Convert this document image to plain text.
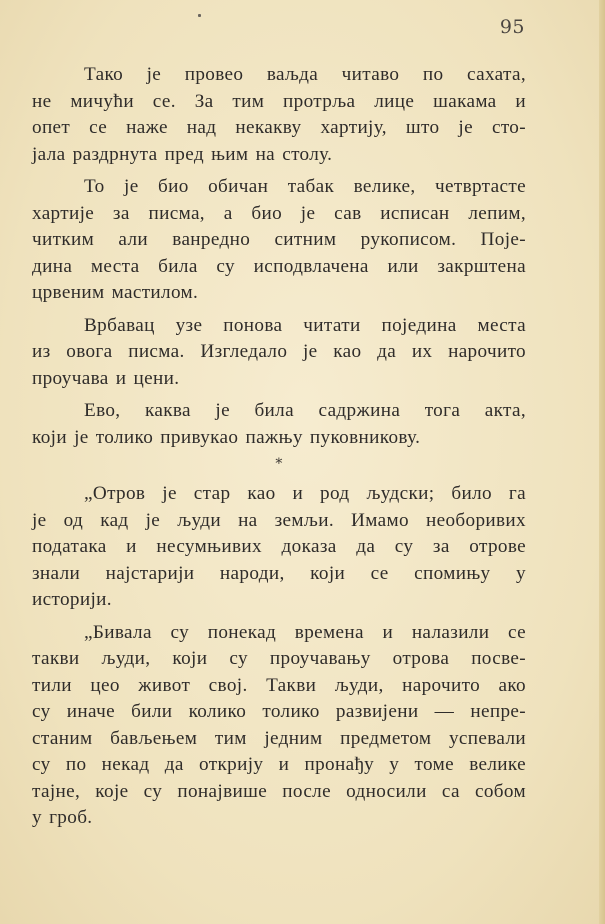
95

Тако је провео ваљда читаво по сахата,
не мичући се. За тим протрља лице шакама и
опет се наже над некакву хартију, што је сто-
јала раздрнута пред њим на столу.

То је био обичан табак велике, четвртасте
хартије за писма, а био је сав исписан лепим,
читким али ванредно ситним рукописом. Поје-
дина места била су исподвлачена или закрштена
црвеним мастилом.

Врбавац узе понова читати поједина места
из овога писма. Изгледало је као да их нарочито
проучава и цени.

Ево, каква је била садржина тога акта,
који је толико привукао пажњу пуковникову.

*

„Отров је стар као и род људски; било га
је од кад је људи на земљи. Имамо необоривих
података и несумњивих доказа да су за отрове
знали најстарији народи, који се спомињу у
историји.

„Бивала су понекад времена и налазили се
такви људи, који су проучавању отрова посве-
тили цео живот свој. Такви људи, нарочито ако
су иначе били колико толико развијени — непре-
станим бављењем тим једним предметом успевали
су по некад да открију и пронађу у томе велике
тајне, које су понајвише после односили са собом
у гроб.
